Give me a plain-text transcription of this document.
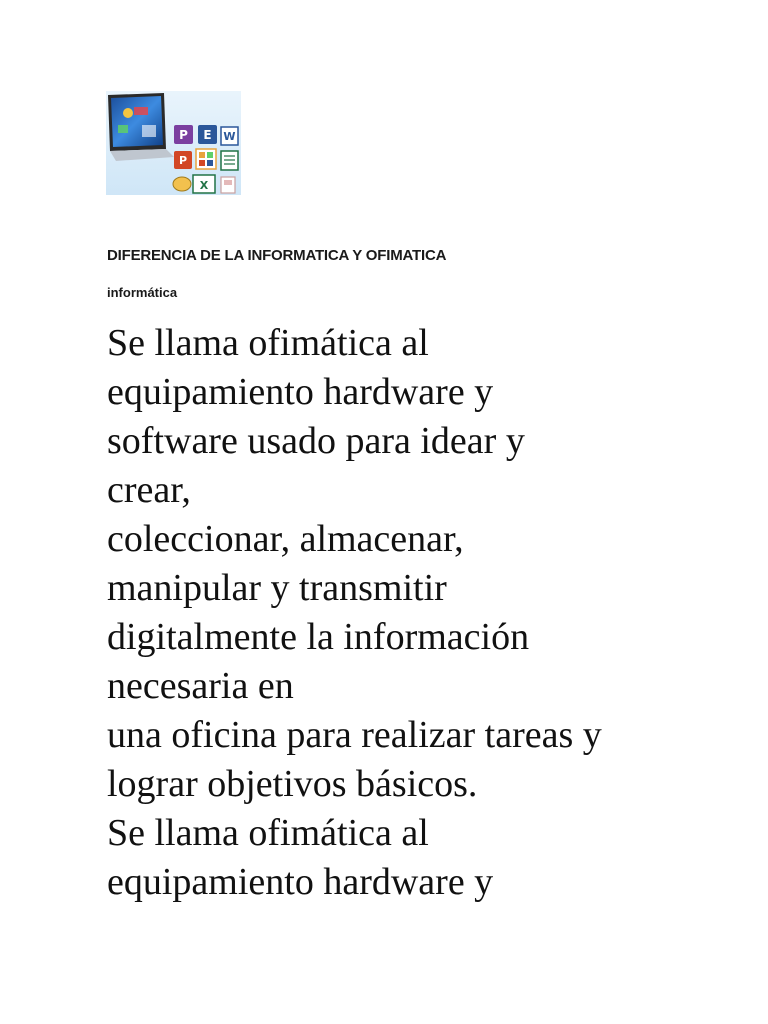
P E W
P
X

DIFERENCIA DE LA INFORMATICA Y OFIMATICA

informática

Se llama ofimática al
equipamiento hardware y
software usado para idear y
crear,
coleccionar, almacenar,
manipular y transmitir
digitalmente la información
necesaria en
una oficina para realizar tareas y
lograr objetivos básicos.
Se llama ofimática al
equipamiento hardware y
